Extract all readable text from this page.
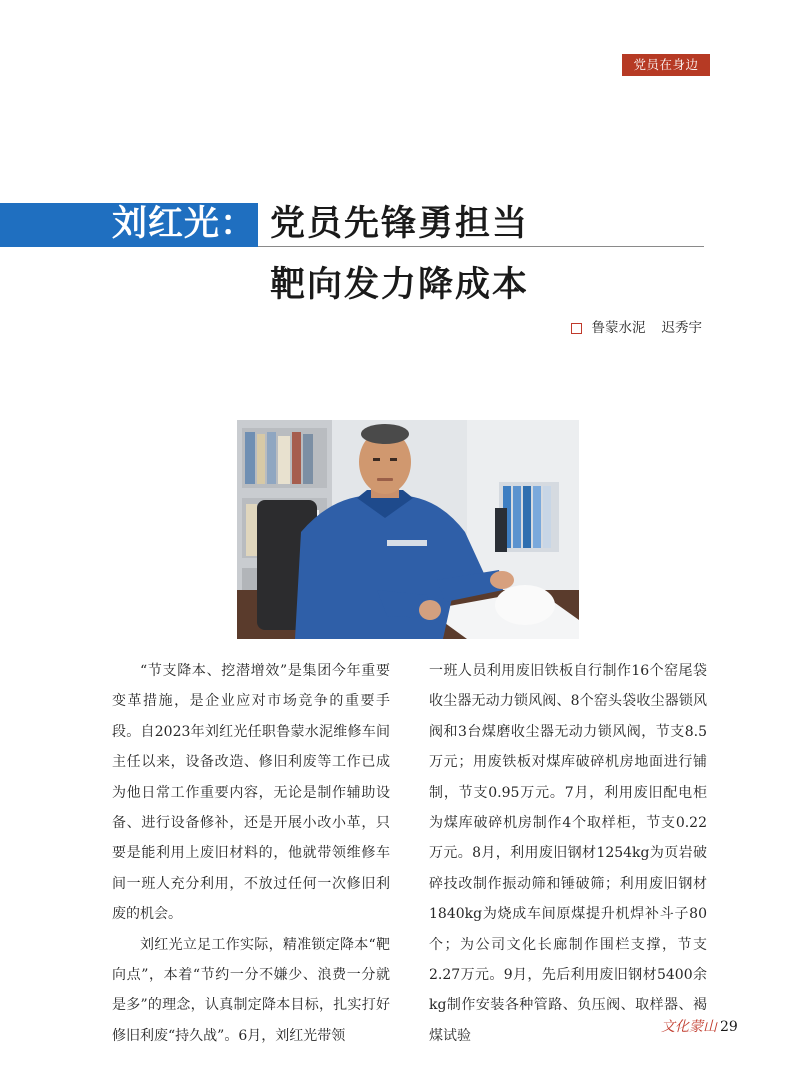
党员在身边
刘红光： 党员先锋勇担当
靶向发力降成本
鲁蒙水泥 迟秀宇

“节支降本、挖潜增效”是集团今年重要变革措施，是企业应对市场竞争的重要手段。自2023年刘红光任职鲁蒙水泥维修车间主任以来，设备改造、修旧利废等工作已成为他日常工作重要内容，无论是制作辅助设备、进行设备修补，还是开展小改小革，只要是能利用上废旧材料的，他就带领维修车间一班人充分利用，不放过任何一次修旧利废的机会。

刘红光立足工作实际，精准锁定降本“靶向点”，本着“节约一分不嫌少、浪费一分就是多”的理念，认真制定降本目标，扎实打好修旧利废“持久战”。6月，刘红光带领

一班人员利用废旧铁板自行制作16个窑尾袋收尘器无动力锁风阀、8个窑头袋收尘器锁风阀和3台煤磨收尘器无动力锁风阀，节支8.5万元；用废铁板对煤库破碎机房地面进行铺制，节支0.95万元。7月，利用废旧配电柜为煤库破碎机房制作4个取样柜，节支0.22万元。8月，利用废旧钢材1254kg为页岩破碎技改制作振动筛和锤破筛；利用废旧钢材1840kg为烧成车间原煤提升机焊补斗子80个；为公司文化长廊制作围栏支撑，节支2.27万元。9月，先后利用废旧钢材5400余kg制作安装各种管路、负压阀、取样器、褐煤试验

文化蒙山 29
